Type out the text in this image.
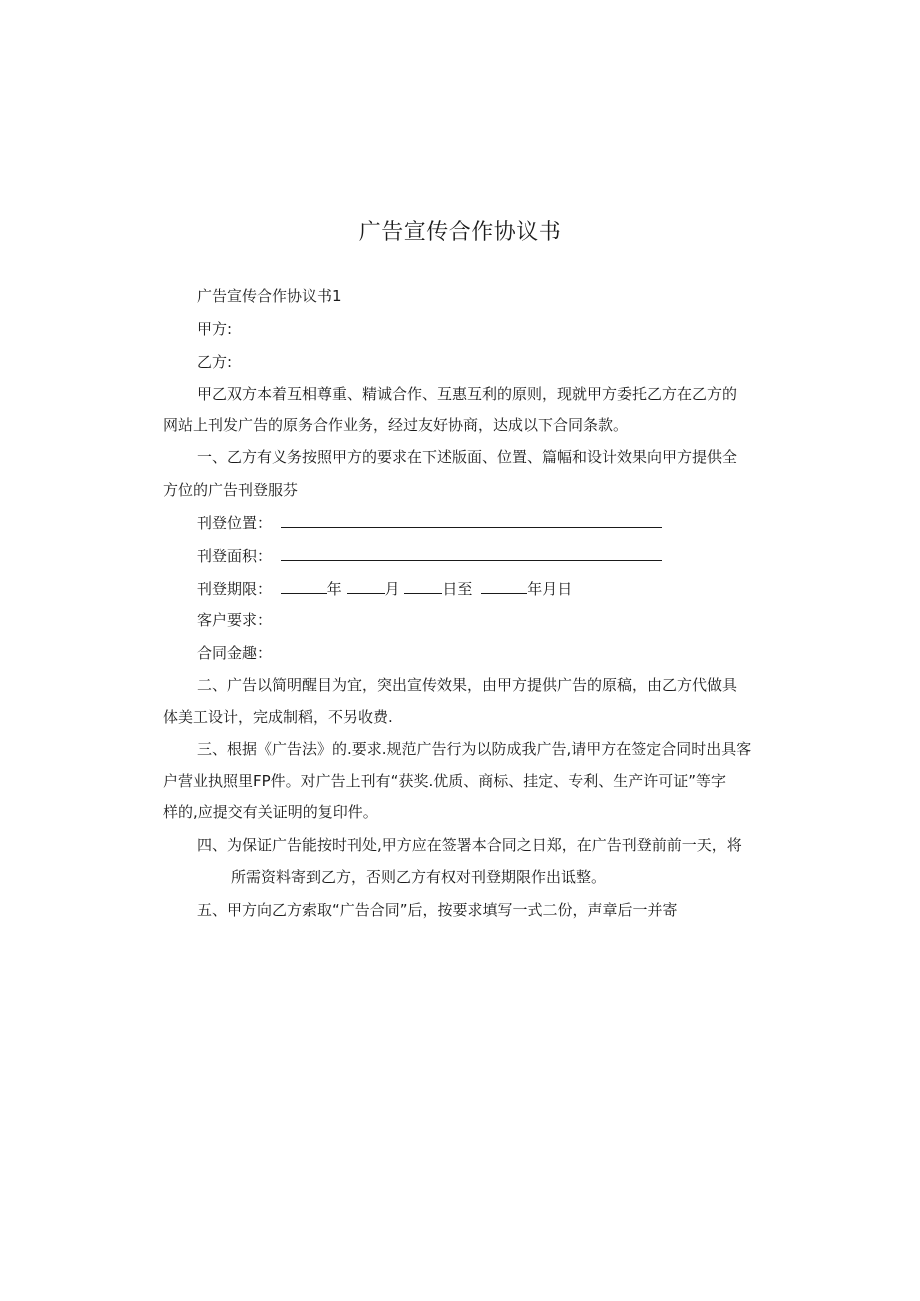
广告宣传合作协议书
广告宣传合作协议书1
甲方:
乙方:
甲乙双方本着互相尊重、精诚合作、互惠互利的原则，现就甲方委托乙方在乙方的
网站上刊发广告的原务合作业务，经过友好协商，达成以下合同条款。
一、乙方有义务按照甲方的要求在下述版面、位置、篇幅和设计效果向甲方提供全
方位的广告刊登服芬
刊登位置：
刊登面积：
刊登期限：	年	月	日至	年月日
客户要求：
合同金趣：
二、广告以简明醒目为宜，突出宣传效果，由甲方提供广告的原稿，由乙方代做具
体美工设计，完成制稻，不另收费.
三、根据《广告法》的.要求.规范广告行为以防成我广告,请甲方在签定合同时出具客
户营业执照里FP件。对广告上刊有“获奖.优质、商标、挂定、专利、生产许可证”等字
样的,应提交有关证明的复印件。
四、为保证广告能按时刊处,甲方应在签署本合同之日郑，在广告刊登前前一天，将
所需资料寄到乙方，否则乙方有权对刊登期限作出诋整。
五、甲方向乙方索取“广告合同”后，按要求填写一式二份，声章后一并寄
